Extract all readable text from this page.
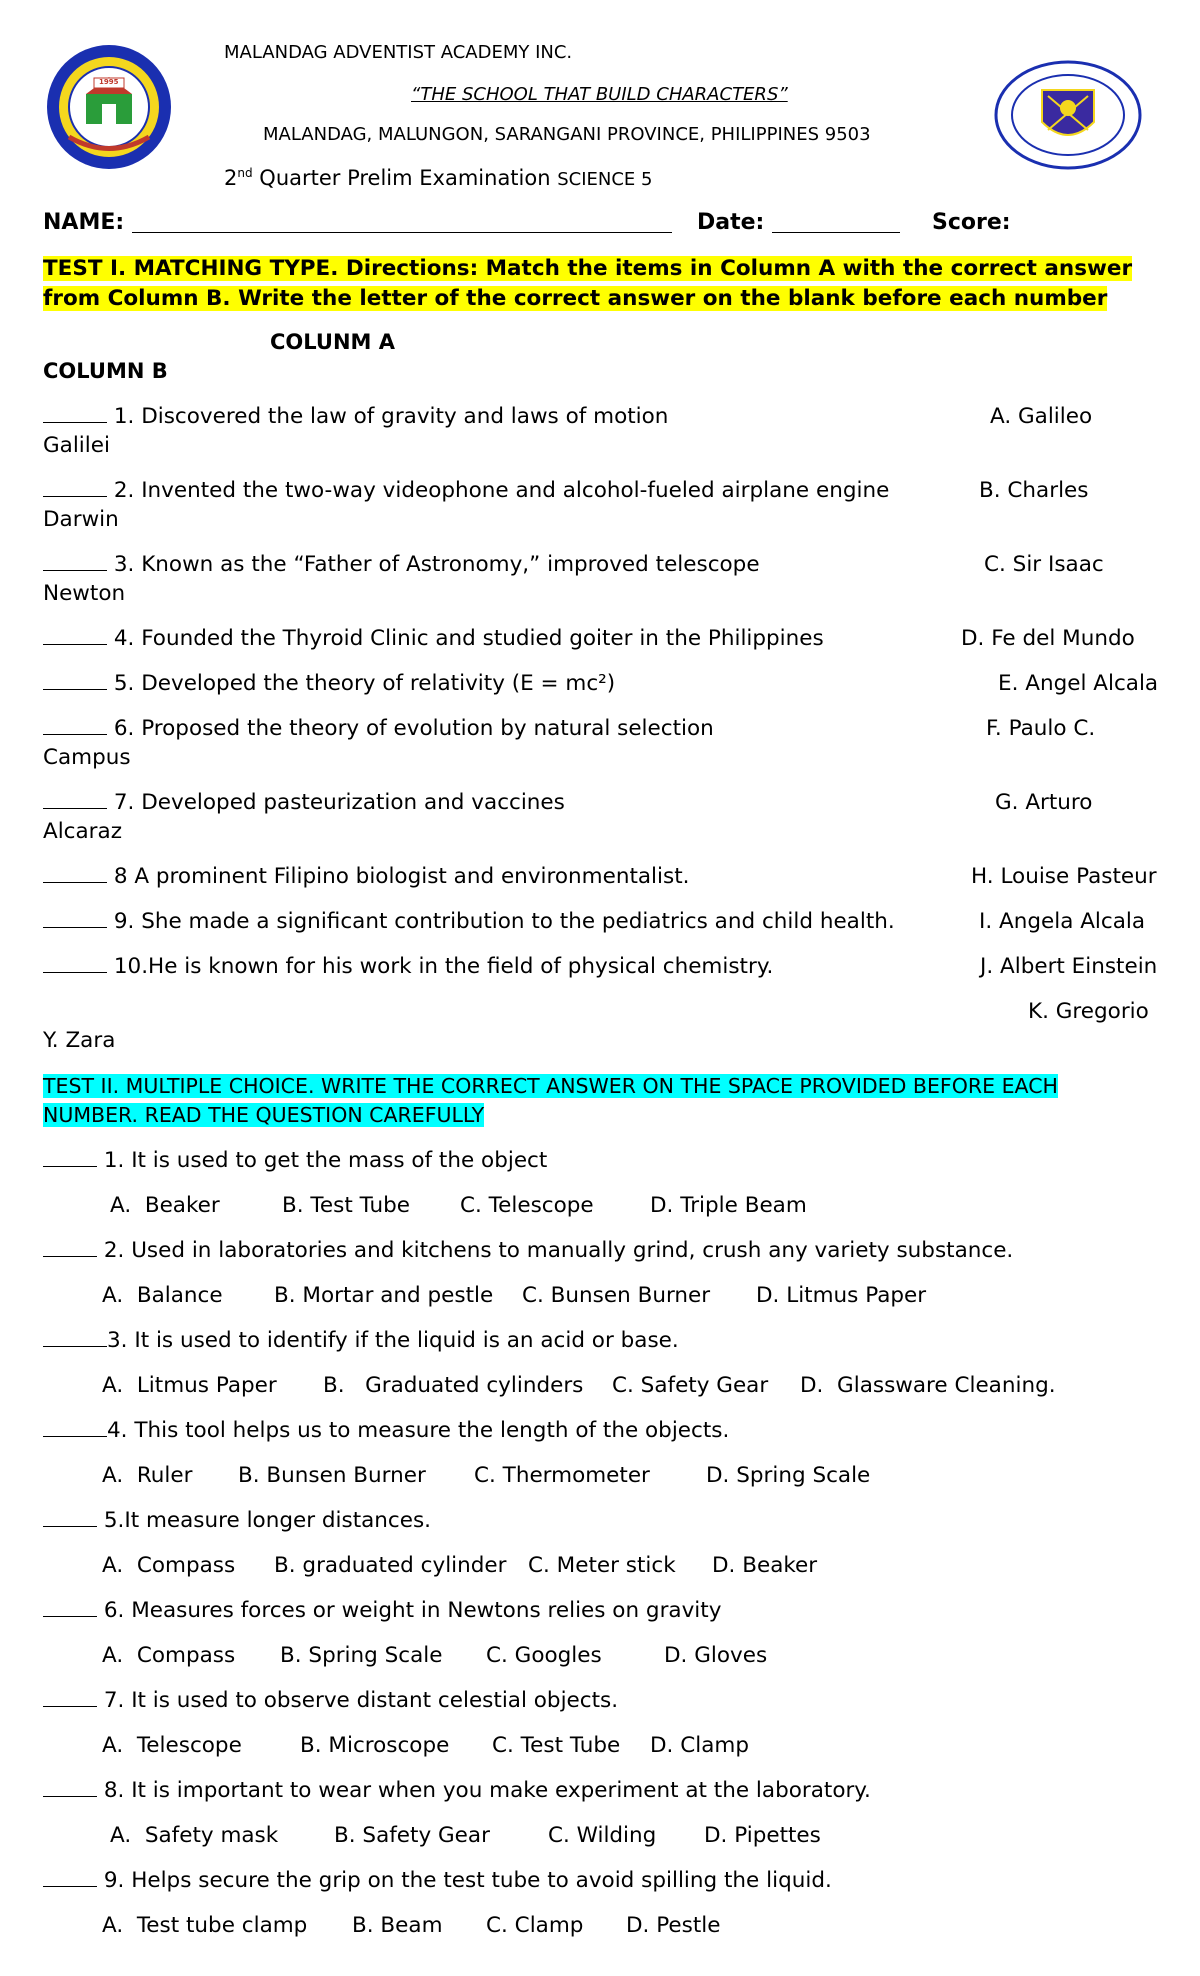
1995
MALANDAG ADVENTIST ACADEMY INC.
“THE SCHOOL THAT BUILD CHARACTERS”
MALANDAG, MALUNGON, SARANGANI PROVINCE, PHILIPPINES 9503
2nd Quarter Prelim Examination SCIENCE 5
NAME:	Date:	Score:
TEST I. MATCHING TYPE. Directions: Match the items in Column A with the correct answer
from Column B. Write the letter of the correct answer on the blank before each number
COLUNM A
COLUMN B
1. Discovered the law of gravity and laws of motion	A. Galileo
Galilei
2. Invented the two-way videophone and alcohol-fueled airplane engine	B. Charles
Darwin
3. Known as the “Father of Astronomy,” improved telescope	C. Sir Isaac
Newton
4. Founded the Thyroid Clinic and studied goiter in the Philippines	D. Fe del Mundo
5. Developed the theory of relativity (E = mc²)	E. Angel Alcala
6. Proposed the theory of evolution by natural selection	F. Paulo C.
Campus
7. Developed pasteurization and vaccines	G. Arturo
Alcaraz
8 A prominent Filipino biologist and environmentalist.	H. Louise Pasteur
9. She made a significant contribution to the pediatrics and child health.	I. Angela Alcala
10.He is known for his work in the field of physical chemistry.	J. Albert Einstein
K. Gregorio
Y. Zara
TEST II. MULTIPLE CHOICE. WRITE THE CORRECT ANSWER ON THE SPACE PROVIDED BEFORE EACH
NUMBER. READ THE QUESTION CAREFULLY
1. It is used to get the mass of the object
A.  Beaker	B. Test Tube C. Telescope	D. Triple Beam
2. Used in laboratories and kitchens to manually grind, crush any variety substance.
A.  Balance B. Mortar and pestle C. Bunsen Burner D. Litmus Paper
3. It is used to identify if the liquid is an acid or base.
A.  Litmus Paper B.   Graduated cylinders C. Safety Gear D.  Glassware Cleaning.
4. This tool helps us to measure the length of the objects.
A.  Ruler B. Bunsen Burner C. Thermometer	D. Spring Scale
5.It measure longer distances.
A.  Compass B. graduated cylinder C. Meter stick D. Beaker
6. Measures forces or weight in Newtons relies on gravity
A.  Compass B. Spring Scale C. Googles	D. Gloves
7. It is used to observe distant celestial objects.
A.  Telescope	B. Microscope C. Test Tube D. Clamp
8. It is important to wear when you make experiment at the laboratory.
A.  Safety mask	B. Safety Gear	C. Wilding D. Pipettes
9. Helps secure the grip on the test tube to avoid spilling the liquid.
A.  Test tube clamp B. Beam C. Clamp D. Pestle
